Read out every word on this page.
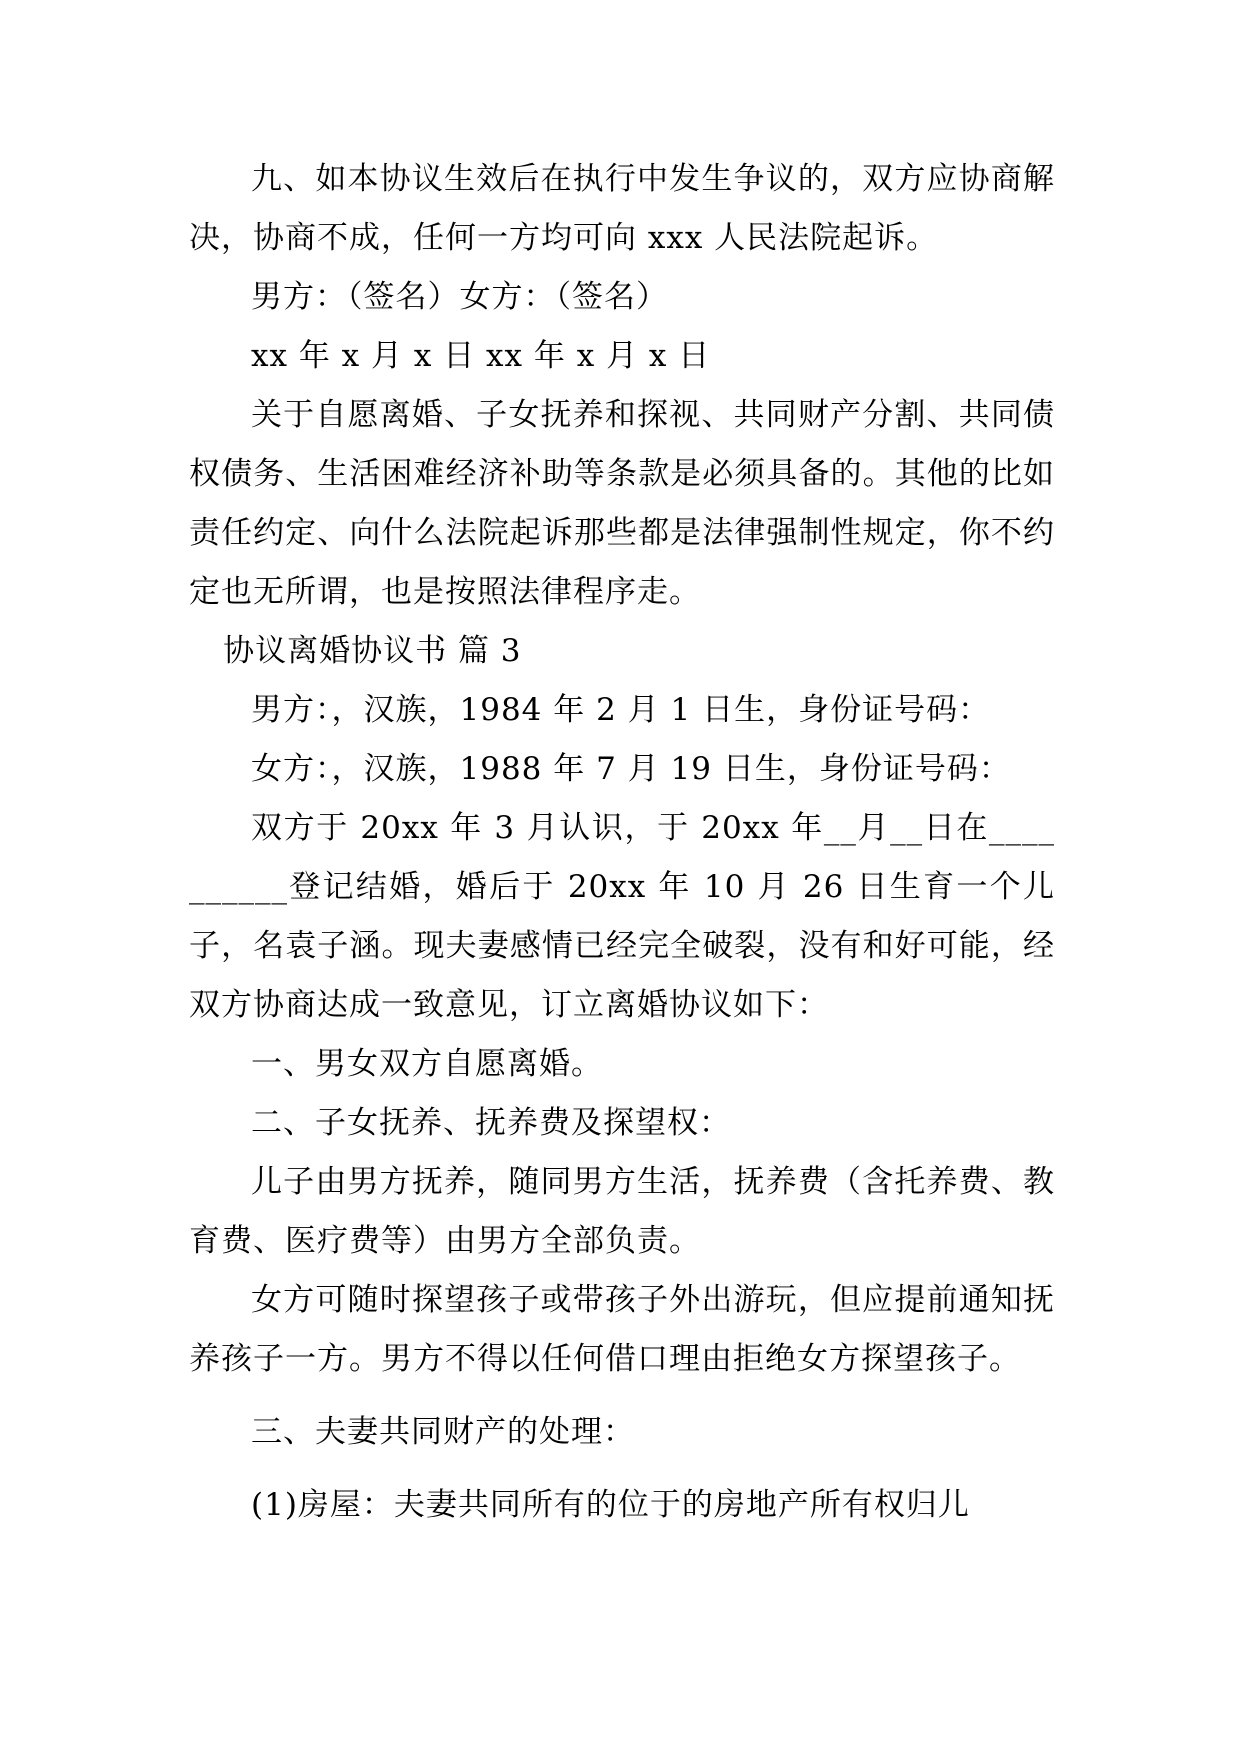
九、如本协议生效后在执行中发生争议的，双方应协商解决，协商不成，任何一方均可向 xxx 人民法院起诉。

男方：（签名）女方：（签名）

xx 年 x 月 x 日 xx 年 x 月 x 日

关于自愿离婚、子女抚养和探视、共同财产分割、共同债权债务、生活困难经济补助等条款是必须具备的。其他的比如责任约定、向什么法院起诉那些都是法律强制性规定，你不约定也无所谓，也是按照法律程序走。

协议离婚协议书 篇 3

男方：，汉族，1984 年 2 月 1 日生，身份证号码：

女方：，汉族，1988 年 7 月 19 日生，身份证号码：

双方于 20xx 年 3 月认识，于 20xx 年__月__日在__________登记结婚，婚后于 20xx 年 10 月 26 日生育一个儿子，名袁子涵。现夫妻感情已经完全破裂，没有和好可能，经双方协商达成一致意见，订立离婚协议如下：

一、男女双方自愿离婚。

二、子女抚养、抚养费及探望权：

儿子由男方抚养，随同男方生活，抚养费（含托养费、教育费、医疗费等）由男方全部负责。

女方可随时探望孩子或带孩子外出游玩，但应提前通知抚养孩子一方。男方不得以任何借口理由拒绝女方探望孩子。

三、夫妻共同财产的处理：

(1)房屋：夫妻共同所有的位于的房地产所有权归儿
